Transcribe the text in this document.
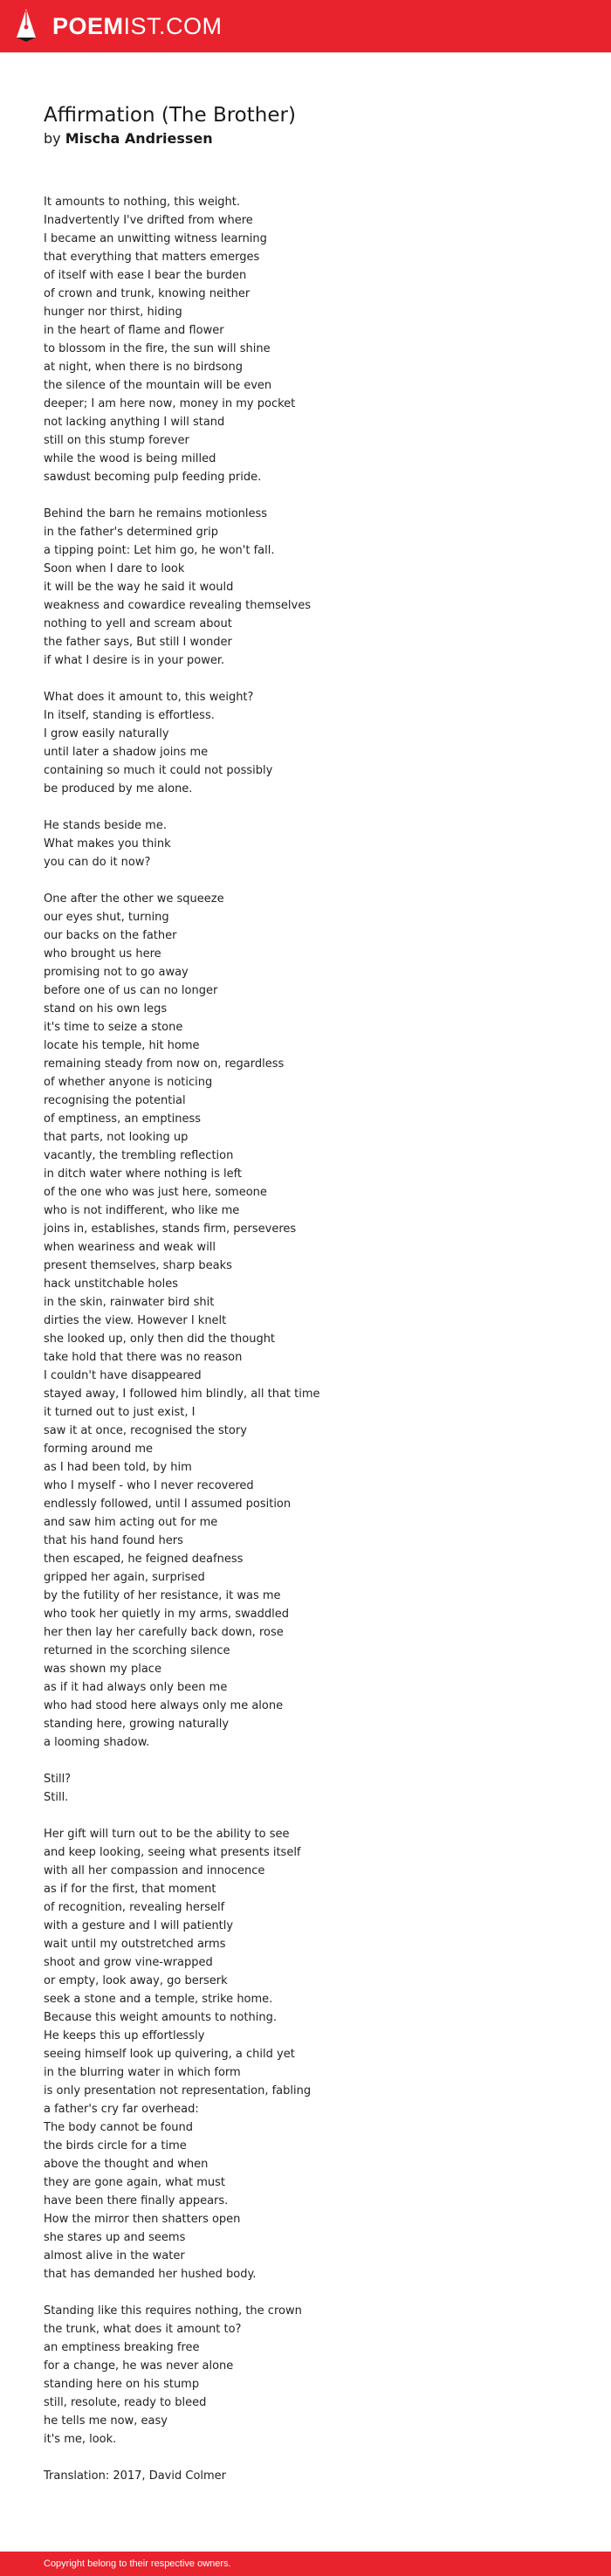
POEMIST.COM
Affirmation (The Brother)
by Mischa Andriessen
It amounts to nothing, this weight.
Inadvertently I've drifted from where
I became an unwitting witness learning
that everything that matters emerges
of itself with ease I bear the burden
of crown and trunk, knowing neither
hunger nor thirst, hiding
in the heart of flame and flower
to blossom in the fire, the sun will shine
at night, when there is no birdsong
the silence of the mountain will be even
deeper; I am here now, money in my pocket
not lacking anything I will stand
still on this stump forever
while the wood is being milled
sawdust becoming pulp feeding pride.
Behind the barn he remains motionless
in the father's determined grip
a tipping point: Let him go, he won't fall.
Soon when I dare to look
it will be the way he said it would
weakness and cowardice revealing themselves
nothing to yell and scream about
the father says, But still I wonder
if what I desire is in your power.
What does it amount to, this weight?
In itself, standing is effortless.
I grow easily naturally
until later a shadow joins me
containing so much it could not possibly
be produced by me alone.
He stands beside me.
What makes you think
you can do it now?
One after the other we squeeze
our eyes shut, turning
our backs on the father
who brought us here
promising not to go away
before one of us can no longer
stand on his own legs
it's time to seize a stone
locate his temple, hit home
remaining steady from now on, regardless
of whether anyone is noticing
recognising the potential
of emptiness, an emptiness
that parts, not looking up
vacantly, the trembling reflection
in ditch water where nothing is left
of the one who was just here, someone
who is not indifferent, who like me
joins in, establishes, stands firm, perseveres
when weariness and weak will
present themselves, sharp beaks
hack unstitchable holes
in the skin, rainwater bird shit
dirties the view. However I knelt
she looked up, only then did the thought
take hold that there was no reason
I couldn't have disappeared
stayed away, I followed him blindly, all that time
it turned out to just exist, I
saw it at once, recognised the story
forming around me
as I had been told, by him
who I myself - who I never recovered
endlessly followed, until I assumed position
and saw him acting out for me
that his hand found hers
then escaped, he feigned deafness
gripped her again, surprised
by the futility of her resistance, it was me
who took her quietly in my arms, swaddled
her then lay her carefully back down, rose
returned in the scorching silence
was shown my place
as if it had always only been me
who had stood here always only me alone
standing here, growing naturally
a looming shadow.
Still?
Still.
Her gift will turn out to be the ability to see
and keep looking, seeing what presents itself
with all her compassion and innocence
as if for the first, that moment
of recognition, revealing herself
with a gesture and I will patiently
wait until my outstretched arms
shoot and grow vine-wrapped
or empty, look away, go berserk
seek a stone and a temple, strike home.
Because this weight amounts to nothing.
He keeps this up effortlessly
seeing himself look up quivering, a child yet
in the blurring water in which form
is only presentation not representation, fabling
a father's cry far overhead:
The body cannot be found
the birds circle for a time
above the thought and when
they are gone again, what must
have been there finally appears.
How the mirror then shatters open
she stares up and seems
almost alive in the water
that has demanded her hushed body.
Standing like this requires nothing, the crown
the trunk, what does it amount to?
an emptiness breaking free
for a change, he was never alone
standing here on his stump
still, resolute, ready to bleed
he tells me now, easy
it's me, look.
Translation: 2017, David Colmer
Copyright belong to their respective owners.
